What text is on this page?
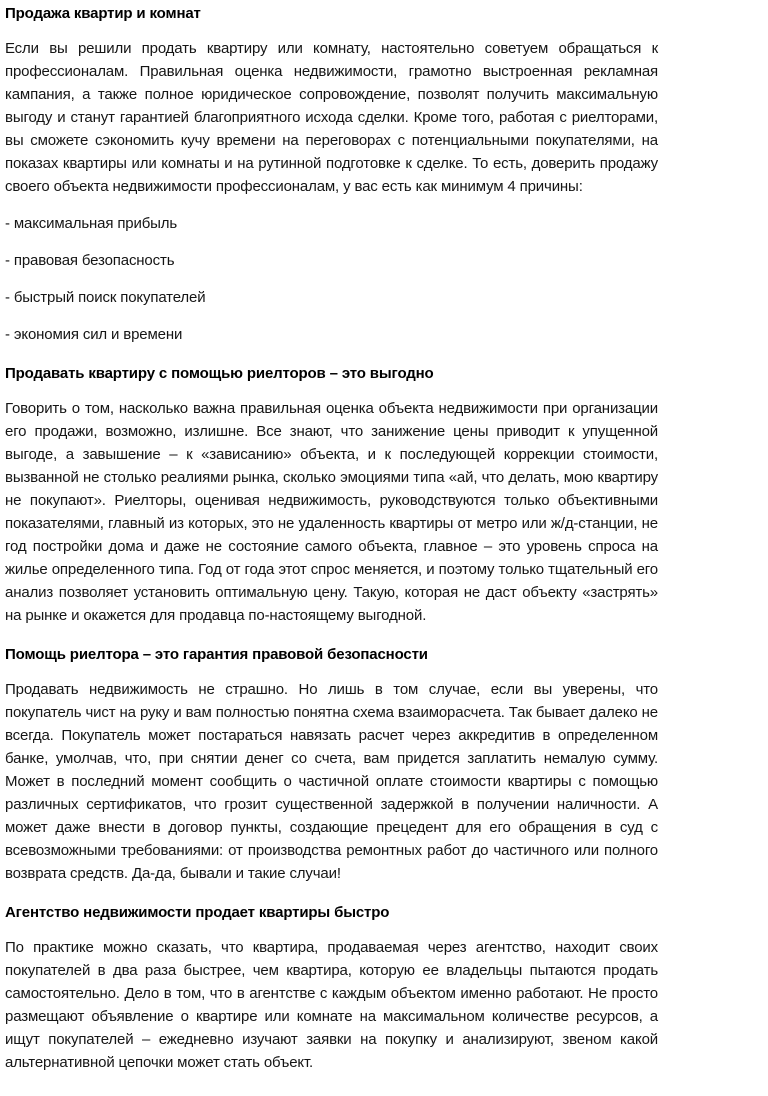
Продажа квартир и комнат

Если вы решили продать квартиру или комнату, настоятельно советуем обращаться к профессионалам. Правильная оценка недвижимости, грамотно выстроенная рекламная кампания, а также полное юридическое сопровождение, позволят получить максимальную выгоду и станут гарантией благоприятного исхода сделки. Кроме того, работая с риелторами, вы сможете сэкономить кучу времени на переговорах с потенциальными покупателями, на показах квартиры или комнаты и на рутинной подготовке к сделке. То есть, доверить продажу своего объекта недвижимости профессионалам, у вас есть как минимум 4 причины:

- максимальная прибыль

- правовая безопасность

- быстрый поиск покупателей

- экономия сил и времени

Продавать квартиру с помощью риелторов – это выгодно

Говорить о том, насколько важна правильная оценка объекта недвижимости при организации его продажи, возможно, излишне. Все знают, что занижение цены приводит к упущенной выгоде, а завышение – к «зависанию» объекта, и к последующей коррекции стоимости, вызванной не столько реалиями рынка, сколько эмоциями типа «ай, что делать, мою квартиру не покупают». Риелторы, оценивая недвижимость, руководствуются только объективными показателями, главный из которых, это не удаленность квартиры от метро или ж/д-станции, не год постройки дома и даже не состояние самого объекта, главное – это уровень спроса на жилье определенного типа. Год от года этот спрос меняется, и поэтому только тщательный его анализ позволяет установить оптимальную цену. Такую, которая не даст объекту «застрять» на рынке и окажется для продавца по-настоящему выгодной.

Помощь риелтора – это гарантия правовой безопасности

Продавать недвижимость не страшно. Но лишь в том случае, если вы уверены, что покупатель чист на руку и вам полностью понятна схема взаиморасчета. Так бывает далеко не всегда. Покупатель может постараться навязать расчет через аккредитив в определенном банке, умолчав, что, при снятии денег со счета, вам придется заплатить немалую сумму. Может в последний момент сообщить о частичной оплате стоимости квартиры с помощью различных сертификатов, что грозит существенной задержкой в получении наличности. А может даже внести в договор пункты, создающие прецедент для его обращения в суд с всевозможными требованиями: от производства ремонтных работ до частичного или полного возврата средств. Да-да, бывали и такие случаи!

Агентство недвижимости продает квартиры быстро

По практике можно сказать, что квартира, продаваемая через агентство, находит своих покупателей в два раза быстрее, чем квартира, которую ее владельцы пытаются продать самостоятельно. Дело в том, что в агентстве с каждым объектом именно работают. Не просто размещают объявление о квартире или комнате на максимальном количестве ресурсов, а ищут покупателей – ежедневно изучают заявки на покупку и анализируют, звеном какой альтернативной цепочки может стать объект.
